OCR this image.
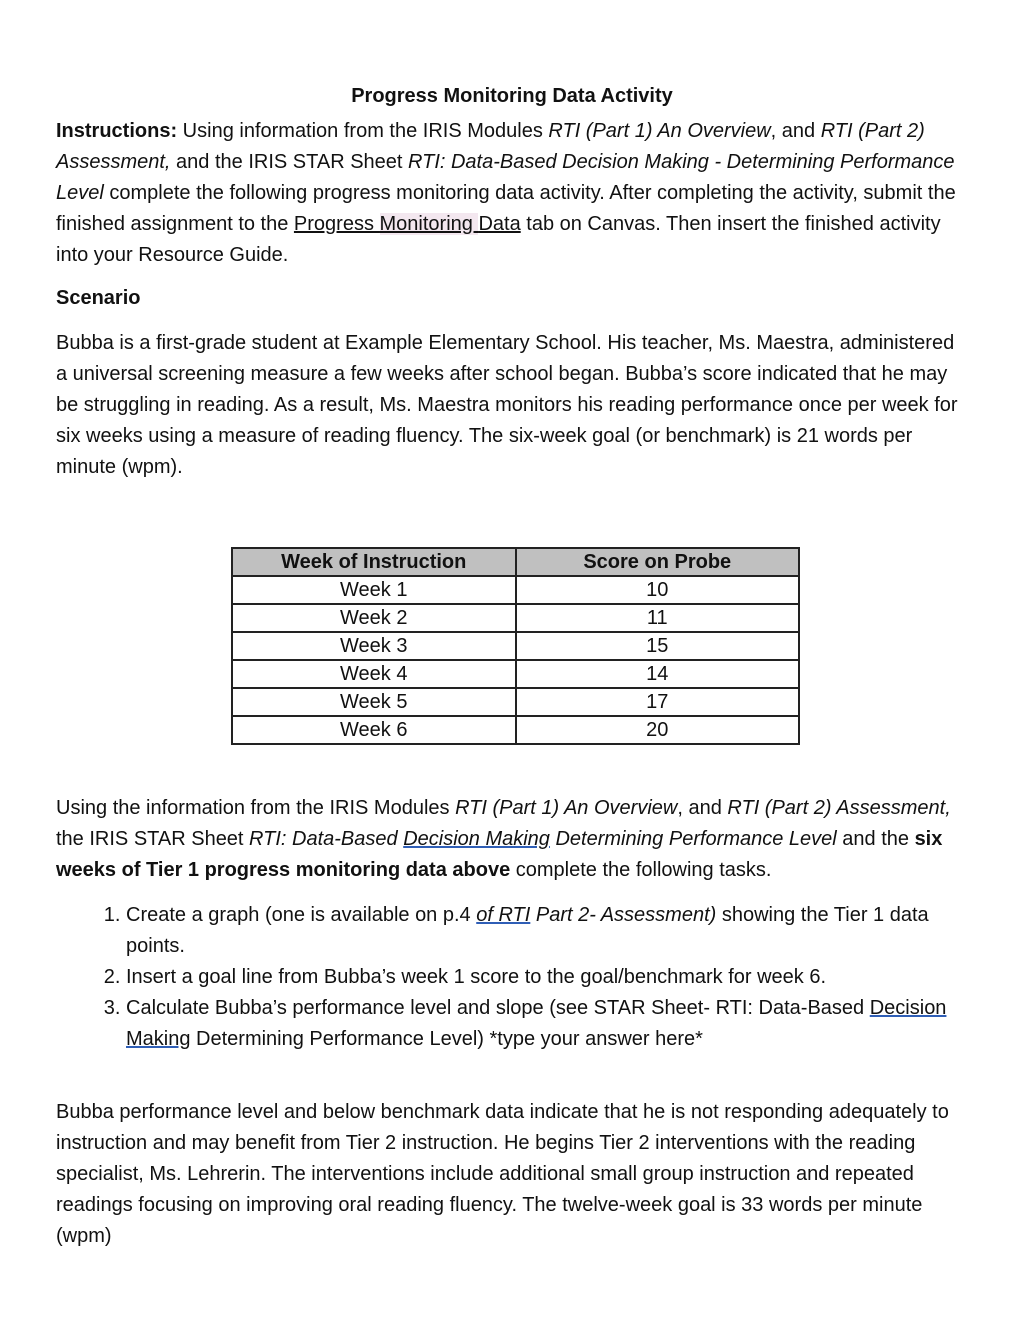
Progress Monitoring Data Activity

Instructions: Using information from the IRIS Modules RTI (Part 1) An Overview, and RTI (Part 2) Assessment, and the IRIS STAR Sheet RTI: Data-Based Decision Making - Determining Performance Level complete the following progress monitoring data activity. After completing the activity, submit the finished assignment to the Progress Monitoring Data tab on Canvas. Then insert the finished activity into your Resource Guide.

Scenario

Bubba is a first-grade student at Example Elementary School. His teacher, Ms. Maestra, administered a universal screening measure a few weeks after school began. Bubba’s score indicated that he may be struggling in reading. As a result, Ms. Maestra monitors his reading performance once per week for six weeks using a measure of reading fluency. The six-week goal (or benchmark) is 21 words per minute (wpm).

Week of Instruction	Score on Probe
Week 1	10
Week 2	11
Week 3	15
Week 4	14
Week 5	17
Week 6	20

Using the information from the IRIS Modules RTI (Part 1) An Overview, and RTI (Part 2) Assessment, the IRIS STAR Sheet RTI: Data-Based Decision Making Determining Performance Level and the six weeks of Tier 1 progress monitoring data above complete the following tasks.

1. Create a graph (one is available on p.4 of RTI Part 2- Assessment) showing the Tier 1 data points.
2. Insert a goal line from Bubba’s week 1 score to the goal/benchmark for week 6.
3. Calculate Bubba’s performance level and slope (see STAR Sheet- RTI: Data-Based Decision Making Determining Performance Level) *type your answer here*

Bubba performance level and below benchmark data indicate that he is not responding adequately to instruction and may benefit from Tier 2 instruction. He begins Tier 2 interventions with the reading specialist, Ms. Lehrerin. The interventions include additional small group instruction and repeated readings focusing on improving oral reading fluency. The twelve-week goal is 33 words per minute (wpm)
